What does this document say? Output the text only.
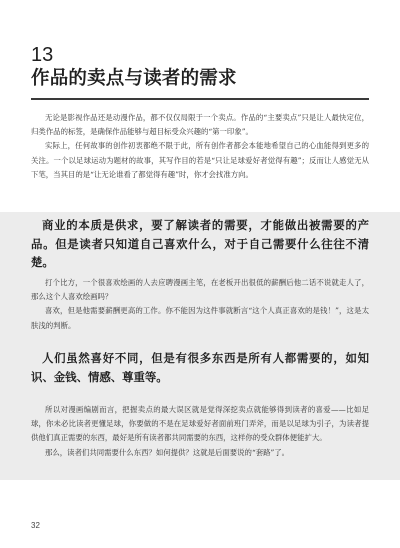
13
作品的卖点与读者的需求

无论是影视作品还是动漫作品，都不仅仅局限于一个卖点。作品的“主要卖点”只是让人最快定位，归类作品的标签，是确保作品能够与超目标受众兴趣的“第一印象”。

实际上，任何故事的创作初衷都绝不限于此，所有创作者都会本能地希望自己的心血能得到更多的关注。一个以足球运动为题材的故事，其写作目的若是“只让足球爱好者觉得有趣”；反而让人感觉无从下笔，当其目的是“让无论谁看了都觉得有趣”时，你才会找准方向。

商业的本质是供求，要了解读者的需要，才能做出被需要的产品。但是读者只知道自己喜欢什么，对于自己需要什么往往不清楚。

打个比方，一个很喜欢绘画的人去应聘漫画主笔，在老板开出很低的薪酬后他二话不说就走人了，那么这个人喜欢绘画吗？

喜欢，但是他需要薪酬更高的工作。你不能因为这件事就断言“这个人真正喜欢的是钱！”，这是太肤浅的判断。

人们虽然喜好不同，但是有很多东西是所有人都需要的，如知识、金钱、情感、尊重等。

所以对漫画编剧而言，把握卖点的最大误区就是觉得深挖卖点就能够得到读者的喜爱——比如足球，你未必比读者更懂足球，你要做的不是在足球爱好者面前班门弄斧，而是以足球为引子，为读者提供他们真正需要的东西，最好是所有读者都共同需要的东西，这样你的受众群体便能扩大。

那么，读者们共同需要什么东西？如何提供？这就是后面要说的“套路”了。

32
